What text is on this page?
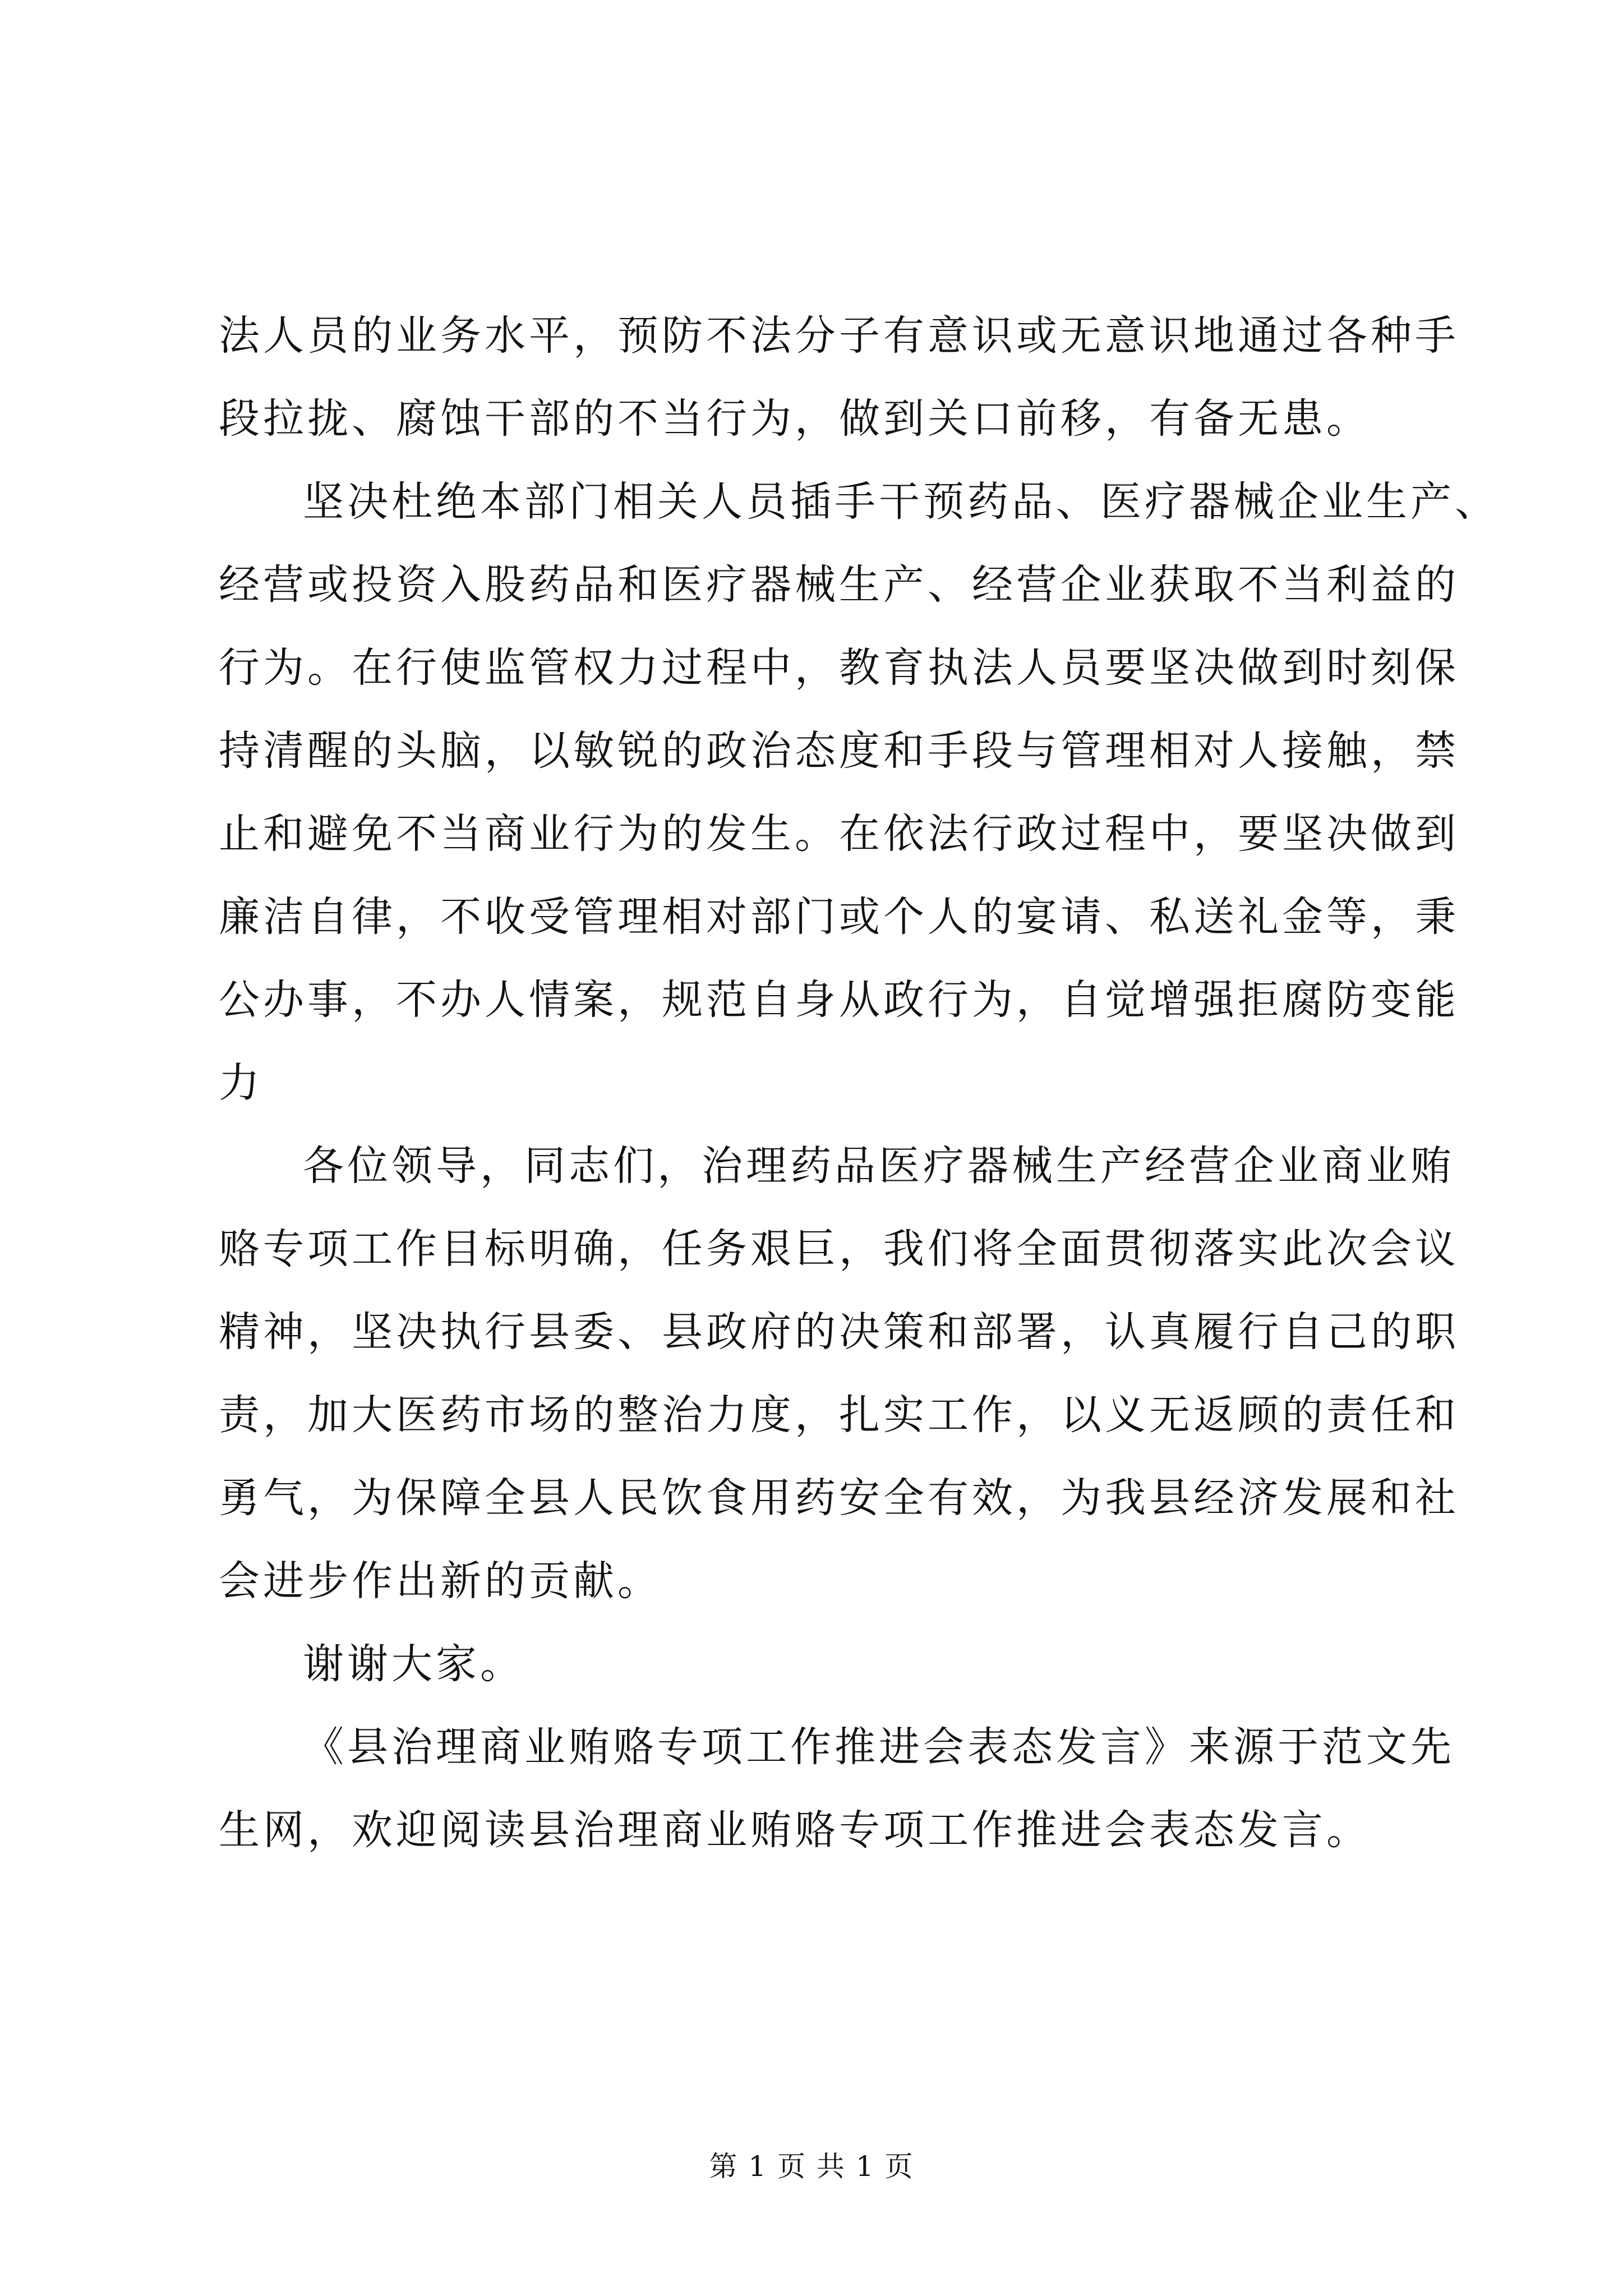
法人员的业务水平，预防不法分子有意识或无意识地通过各种手
段拉拢、腐蚀干部的不当行为，做到关口前移，有备无患。
坚决杜绝本部门相关人员插手干预药品、医疗器械企业生产、
经营或投资入股药品和医疗器械生产、经营企业获取不当利益的
行为。在行使监管权力过程中，教育执法人员要坚决做到时刻保
持清醒的头脑，以敏锐的政治态度和手段与管理相对人接触，禁
止和避免不当商业行为的发生。在依法行政过程中，要坚决做到
廉洁自律，不收受管理相对部门或个人的宴请、私送礼金等，秉
公办事，不办人情案，规范自身从政行为，自觉增强拒腐防变能
力
各位领导，同志们，治理药品医疗器械生产经营企业商业贿
赂专项工作目标明确，任务艰巨，我们将全面贯彻落实此次会议
精神，坚决执行县委、县政府的决策和部署，认真履行自己的职
责，加大医药市场的整治力度，扎实工作，以义无返顾的责任和
勇气，为保障全县人民饮食用药安全有效，为我县经济发展和社
会进步作出新的贡献。
谢谢大家。
《县治理商业贿赂专项工作推进会表态发言》来源于范文先
生网，欢迎阅读县治理商业贿赂专项工作推进会表态发言。
第 1 页 共 1 页
